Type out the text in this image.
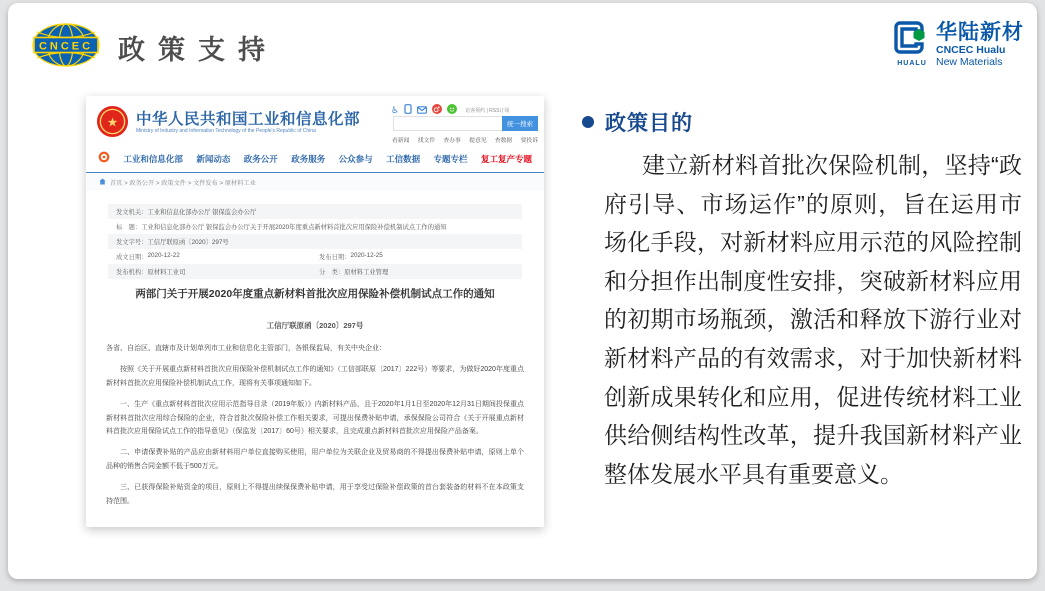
CNCEC 政策支持	HUALU
华陆新材
CNCEC Hualu
New Materials
★ 中华人民共和国工业和信息化部
Ministry of Industry and Information Technology of the People's Republic of China
♿	访客预约 | RSS订阅
统一搜索
看新闻 找文件 查办事 提意见 查数据 要投诉
工业和信息化部 新闻动态 政务公开 政务服务 公众参与 工信数据 专题专栏 复工复产专题
首页 > 政务公开 > 政策文件 > 文件发布 > 原材料工业
发文机关： 工业和信息化部办公厅 银保监会办公厅
标　题： 工业和信息化部办公厅 银保监会办公厅关于开展2020年度重点新材料首批次应用保险补偿机制试点工作的通知
发文字号： 工信厅联原函〔2020〕297号
成文日期： 2020-12-22	发布日期： 2020-12-25
发布机构： 原材料工业司	分　类： 原材料工业管理
两部门关于开展2020年度重点新材料首批次应用保险补偿机制试点工作的通知
工信厅联原函〔2020〕297号

各省、自治区、直辖市及计划单列市工业和信息化主管部门，各银保监局，有关中央企业：

按照《关于开展重点新材料首批次应用保险补偿机制试点工作的通知》（工信部联原〔2017〕222号）等要求，为做好2020年度重点新材料首批次应用保险补偿机制试点工作，现将有关事项通知如下。

一、生产《重点新材料首批次应用示范指导目录（2019年版）》内新材料产品，且于2020年1月1日至2020年12月31日期间投保重点新材料首批次应用综合保险的企业，符合首批次保险补偿工作相关要求，可提出保费补贴申请，承保保险公司符合《关于开展重点新材料首批次应用保险试点工作的指导意见》（保监发〔2017〕60号）相关要求，且完成重点新材料首批次应用保险产品备案。

二、申请保费补贴的产品应由新材料用户单位直接购买使用，用户单位为关联企业及贸易商的不得提出保费补贴申请，原则上单个品种的销售合同金额不低于500万元。

三、已获得保险补贴资金的项目，原则上不得提出续保保费补贴申请，用于享受过保险补偿政策的首台套装备的材料不在本政策支持范围。

政策目的
建立新材料首批次保险机制，坚持“政府引导、市场运作”的原则，旨在运用市场化手段，对新材料应用示范的风险控制和分担作出制度性安排，突破新材料应用的初期市场瓶颈，激活和释放下游行业对新材料产品的有效需求，对于加快新材料创新成果转化和应用，促进传统材料工业供给侧结构性改革，提升我国新材料产业整体发展水平具有重要意义。
